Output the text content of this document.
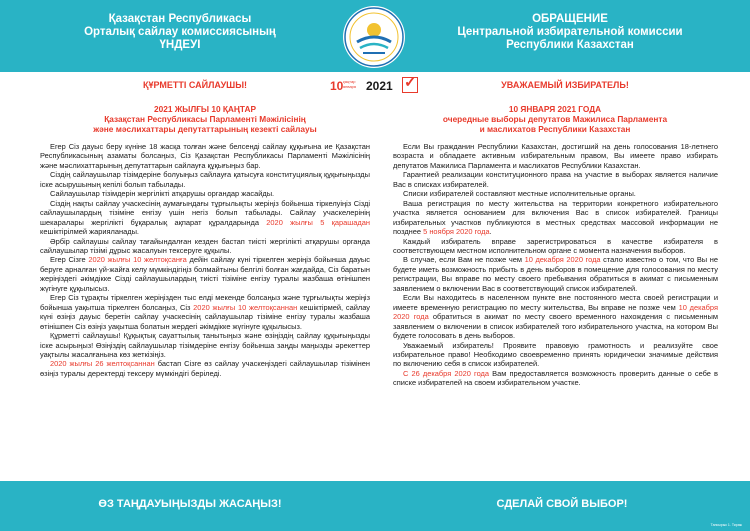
Қазақстан Республикасы
Орталық сайлау комиссиясының
ҮНДЕУІ
ОБРАЩЕНИЕ
Центральной избирательной комиссии
Республики Казахстан
ҚҰРМЕТТІ САЙЛАУШЫ!	УВАЖАЕМЫЙ ИЗБИРАТЕЛЬ!
10 қаңтар
января 2021 ✓
2021 ЖЫЛҒЫ 10 ҚАҢТАР
Қазақстан Республикасы Парламенті Мәжілісінің
және мәслихаттары депутаттарының кезекті сайлауы
10 ЯНВАРЯ 2021 ГОДА
очередные выборы депутатов Мажилиса Парламента
и маслихатов Республики Казахстан

Егер Сіз дауыс беру күніне 18 жасқа толған және белсенді сайлау құқығына ие Қазақстан Республикасының азаматы болсаңыз, Сіз Қазақстан Республикасы Парламенті Мәжілісінің және мәслихаттарының депутаттарын сайлауға құқығыңыз бар.

Сіздің сайлаушылар тізімдеріне болуыңыз сайлауға қатысуға конституциялық құқығыңызды іске асырушының кепілі болып табылады.

Сайлаушылар тізімдерін жергілікті атқарушы органдар жасайды.

Сіздің нақты сайлау учаскесінің аумағындағы тұрғылықты жеріңіз бойынша тіркелуіңіз Сізді сайлаушылардың тізіміне енгізу үшін негіз болып табылады. Сайлау учаскелерінің шекаралары жергілікті бұқаралық ақпарат құралдарында 2020 жылғы 5 қарашадан кешіктірілмей жарияланады.

Әрбір сайлаушы сайлау тағайындалған кезден бастап тиісті жергілікті атқарушы органда сайлаушылар тізімі дұрыс жасалуын тексеруге құқылы.

Егер Сізге 2020 жылғы 10 желтоқсанға дейін сайлау күні тіркелген жеріңіз бойынша дауыс беруге арналған үй-жайға келу мүмкіндігіңіз болмайтыны белгілі болған жағдайда, Сіз баратын жеріңіздегі әкімдікке Сізді сайлаушылардың тиісті тізіміне енгізу туралы жазбаша өтінішпен жүгінуге құқылысыз.

Егер Сіз тұрақты тіркелген жеріңізден тыс елді мекенде болсаңыз және тұрғылықты жеріңіз бойынша уақытша тіркелген болсаңыз, Сіз 2020 жылғы 10 желтоқсаннан кешіктірмей, сайлау күні өзіңіз дауыс беретін сайлау учаскесінің сайлаушылар тізіміне енгізу туралы жазбаша өтінішпен Сіз өзіңіз уақытша болатын жердегі әкімдікке жүгінуге құқылысыз.

Құрметті сайлаушы! Құқықтық сауаттылық танытыңыз және өзіңіздің сайлау құқығыңызды іске асырыңыз! Өзіңіздің сайлаушылар тізімдеріне енгізу бойынша заңды маңызды әрекеттер уақтылы жасалғанына көз жеткізіңіз.

2020 жылғы 26 желтоқсаннан бастап Сізге өз сайлау учаскеңіздегі сайлаушылар тізімінен өзіңіз туралы деректерді тексеру мүмкіндігі беріледі.

Если Вы гражданин Республики Казахстан, достигший на день голосования 18-летнего возраста и обладаете активным избирательным правом, Вы имеете право избирать депутатов Мажилиса Парламента и маслихатов Республики Казахстан.

Гарантией реализации конституционного права на участие в выборах является наличие Вас в списках избирателей.

Списки избирателей составляют местные исполнительные органы.

Ваша регистрация по месту жительства на территории конкретного избирательного участка является основанием для включения Вас в список избирателей. Границы избирательных участков публикуются в местных средствах массовой информации не позднее 5 ноября 2020 года.

Каждый избиратель вправе зарегистрироваться в качестве избирателя в соответствующем местном исполнительном органе с момента назначения выборов.

В случае, если Вам не позже чем 10 декабря 2020 года стало известно о том, что Вы не будете иметь возможность прибыть в день выборов в помещение для голосования по месту регистрации, Вы вправе по месту своего пребывания обратиться в акимат с письменным заявлением о включении Вас в соответствующий список избирателей.

Если Вы находитесь в населенном пункте вне постоянного места своей регистрации и имеете временную регистрацию по месту жительства, Вы вправе не позже чем 10 декабря 2020 года обратиться в акимат по месту своего временного нахождения с письменным заявлением о включении в список избирателей того избирательного участка, на котором Вы будете голосовать в день выборов.

Уважаемый избиратель! Проявите правовую грамотность и реализуйте свое избирательное право! Необходимо своевременно принять юридически значимые действия по включению себя в список избирателей.

С 26 декабря 2020 года Вам предоставляется возможность проверить данные о себе в списке избирателей на своем избирательном участке.

ӨЗ ТАҢДАУЫҢЫЗДЫ ЖАСАҢЫЗ!	СДЕЛАЙ СВОЙ ВЫБОР!
Тапсырыс 1. Тираж
